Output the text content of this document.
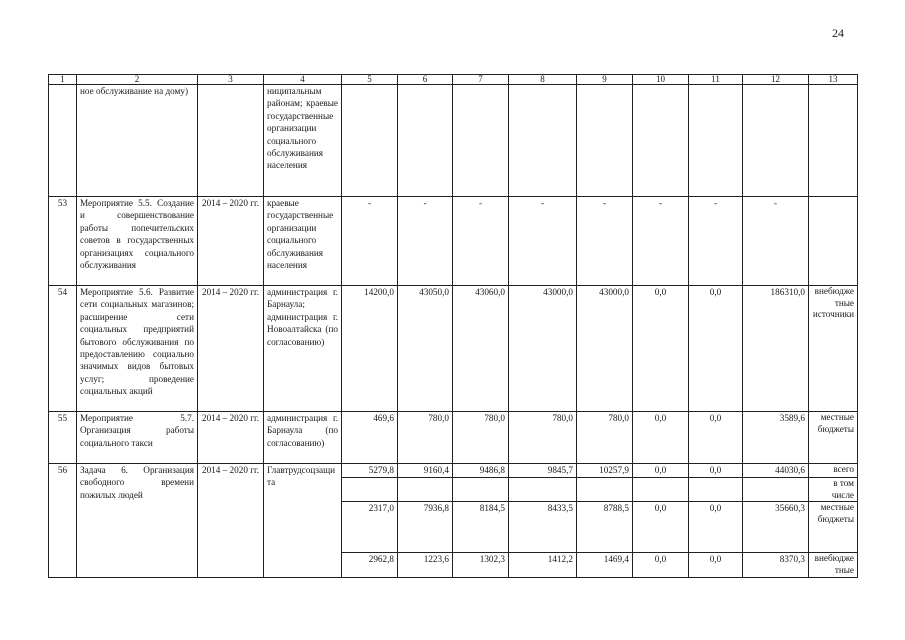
24
1	2	3	4	5	6	7	8	9	10	11	12	13
	ное обслуживание на дому)		ниципальным районам; краевые государственные организации социального обслуживания населения									
53	Мероприятие 5.5. Создание и совершенствование работы попечительских советов в государственных организациях социального обслуживания	2014 – 2020 гг.	краевые государственные организации социального обслуживания населения	-	-	-	-	-	-	-	-	
54	Мероприятие 5.6. Развитие сети социальных магазинов; расширение сети социальных предприятий бытового обслуживания по предоставлению социально значимых видов бытовых услуг; проведение социальных акций	2014 – 2020 гг.	администрация г. Барнаула; администрация г. Новоалтайска (по согласованию)	14200,0	43050,0	43060,0	43000,0	43000,0	0,0	0,0	186310,0	внебюджетные источники
55	Мероприятие 5.7. Организация работы социального такси	2014 – 2020 гг.	администрация г. Барнаула (по согласованию)	469,6	780,0	780,0	780,0	780,0	0,0	0,0	3589,6	местные бюджеты
56	Задача 6. Организация свободного времени пожилых людей	2014 – 2020 гг.	Главтрудсоцзащита	5279,8	9160,4	9486,8	9845,7	10257,9	0,0	0,0	44030,6	всего
												в том числе
				2317,0	7936,8	8184,5	8433,5	8788,5	0,0	0,0	35660,3	местные бюджеты
				2962,8	1223,6	1302,3	1412,2	1469,4	0,0	0,0	8370,3	внебюджетные
